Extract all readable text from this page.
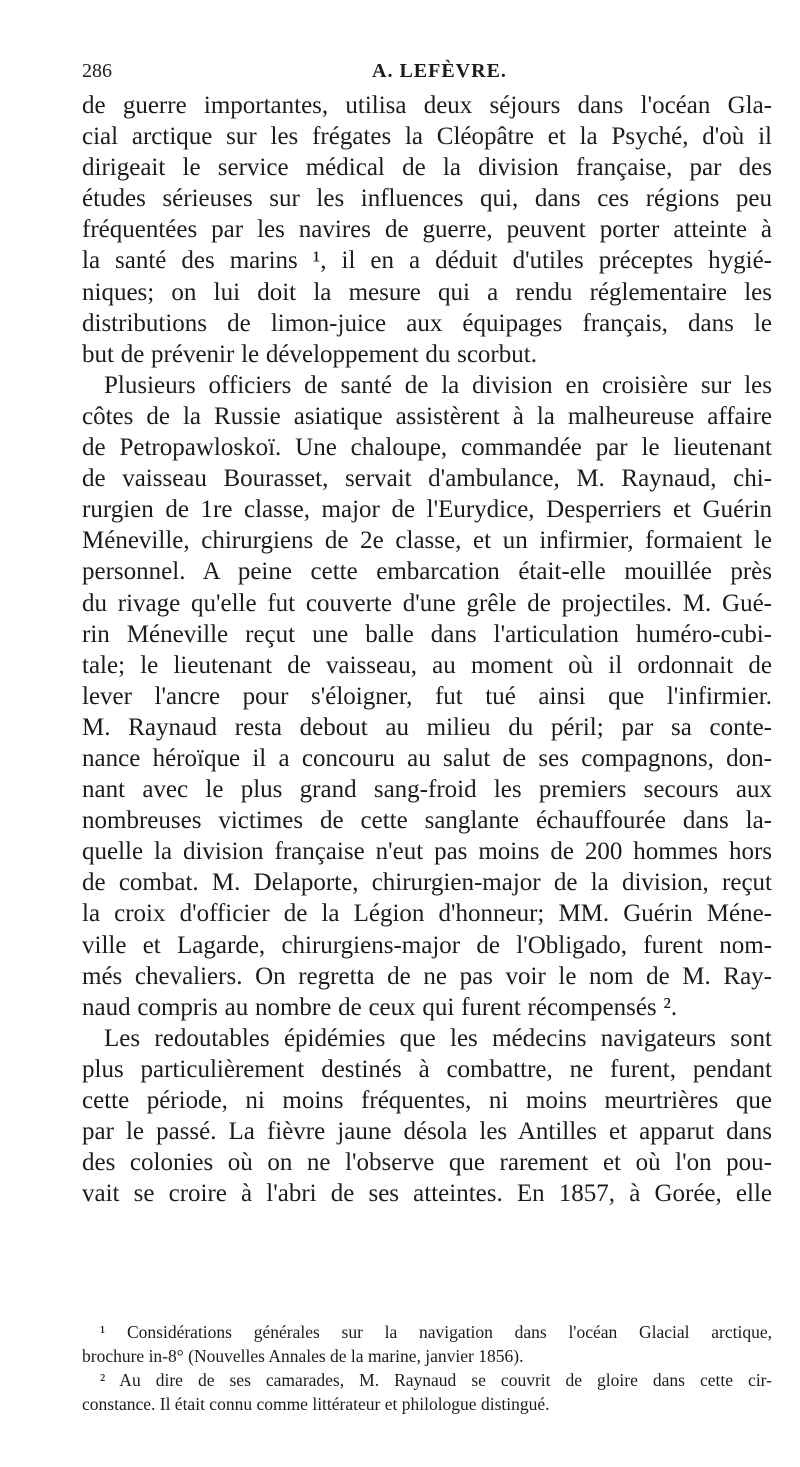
286	A. LEFÈVRE.
de guerre importantes, utilisa deux séjours dans l'océan Gla-
cial arctique sur les frégates la Cléopâtre et la Psyché, d'où il
dirigeait le service médical de la division française, par des
études sérieuses sur les influences qui, dans ces régions peu
fréquentées par les navires de guerre, peuvent porter atteinte à
la santé des marins ¹, il en a déduit d'utiles préceptes hygié-
niques; on lui doit la mesure qui a rendu réglementaire les
distributions de limon-juice aux équipages français, dans le
but de prévenir le développement du scorbut.
Plusieurs officiers de santé de la division en croisière sur les
côtes de la Russie asiatique assistèrent à la malheureuse affaire
de Petropawloskoï. Une chaloupe, commandée par le lieutenant
de vaisseau Bourasset, servait d'ambulance, M. Raynaud, chi-
rurgien de 1re classe, major de l'Eurydice, Desperriers et Guérin
Méneville, chirurgiens de 2e classe, et un infirmier, formaient le
personnel. A peine cette embarcation était-elle mouillée près
du rivage qu'elle fut couverte d'une grêle de projectiles. M. Gué-
rin Méneville reçut une balle dans l'articulation huméro-cubi-
tale; le lieutenant de vaisseau, au moment où il ordonnait de
lever l'ancre pour s'éloigner, fut tué ainsi que l'infirmier.
M. Raynaud resta debout au milieu du péril; par sa conte-
nance héroïque il a concouru au salut de ses compagnons, don-
nant avec le plus grand sang-froid les premiers secours aux
nombreuses victimes de cette sanglante échauffourée dans la-
quelle la division française n'eut pas moins de 200 hommes hors
de combat. M. Delaporte, chirurgien-major de la division, reçut
la croix d'officier de la Légion d'honneur; MM. Guérin Méne-
ville et Lagarde, chirurgiens-major de l'Obligado, furent nom-
més chevaliers. On regretta de ne pas voir le nom de M. Ray-
naud compris au nombre de ceux qui furent récompensés ².
Les redoutables épidémies que les médecins navigateurs sont
plus particulièrement destinés à combattre, ne furent, pendant
cette période, ni moins fréquentes, ni moins meurtrières que
par le passé. La fièvre jaune désola les Antilles et apparut dans
des colonies où on ne l'observe que rarement et où l'on pou-
vait se croire à l'abri de ses atteintes. En 1857, à Gorée, elle
¹ Considérations générales sur la navigation dans l'océan Glacial arctique,
brochure in-8° (Nouvelles Annales de la marine, janvier 1856).
² Au dire de ses camarades, M. Raynaud se couvrit de gloire dans cette cir-
constance. Il était connu comme littérateur et philologue distingué.
